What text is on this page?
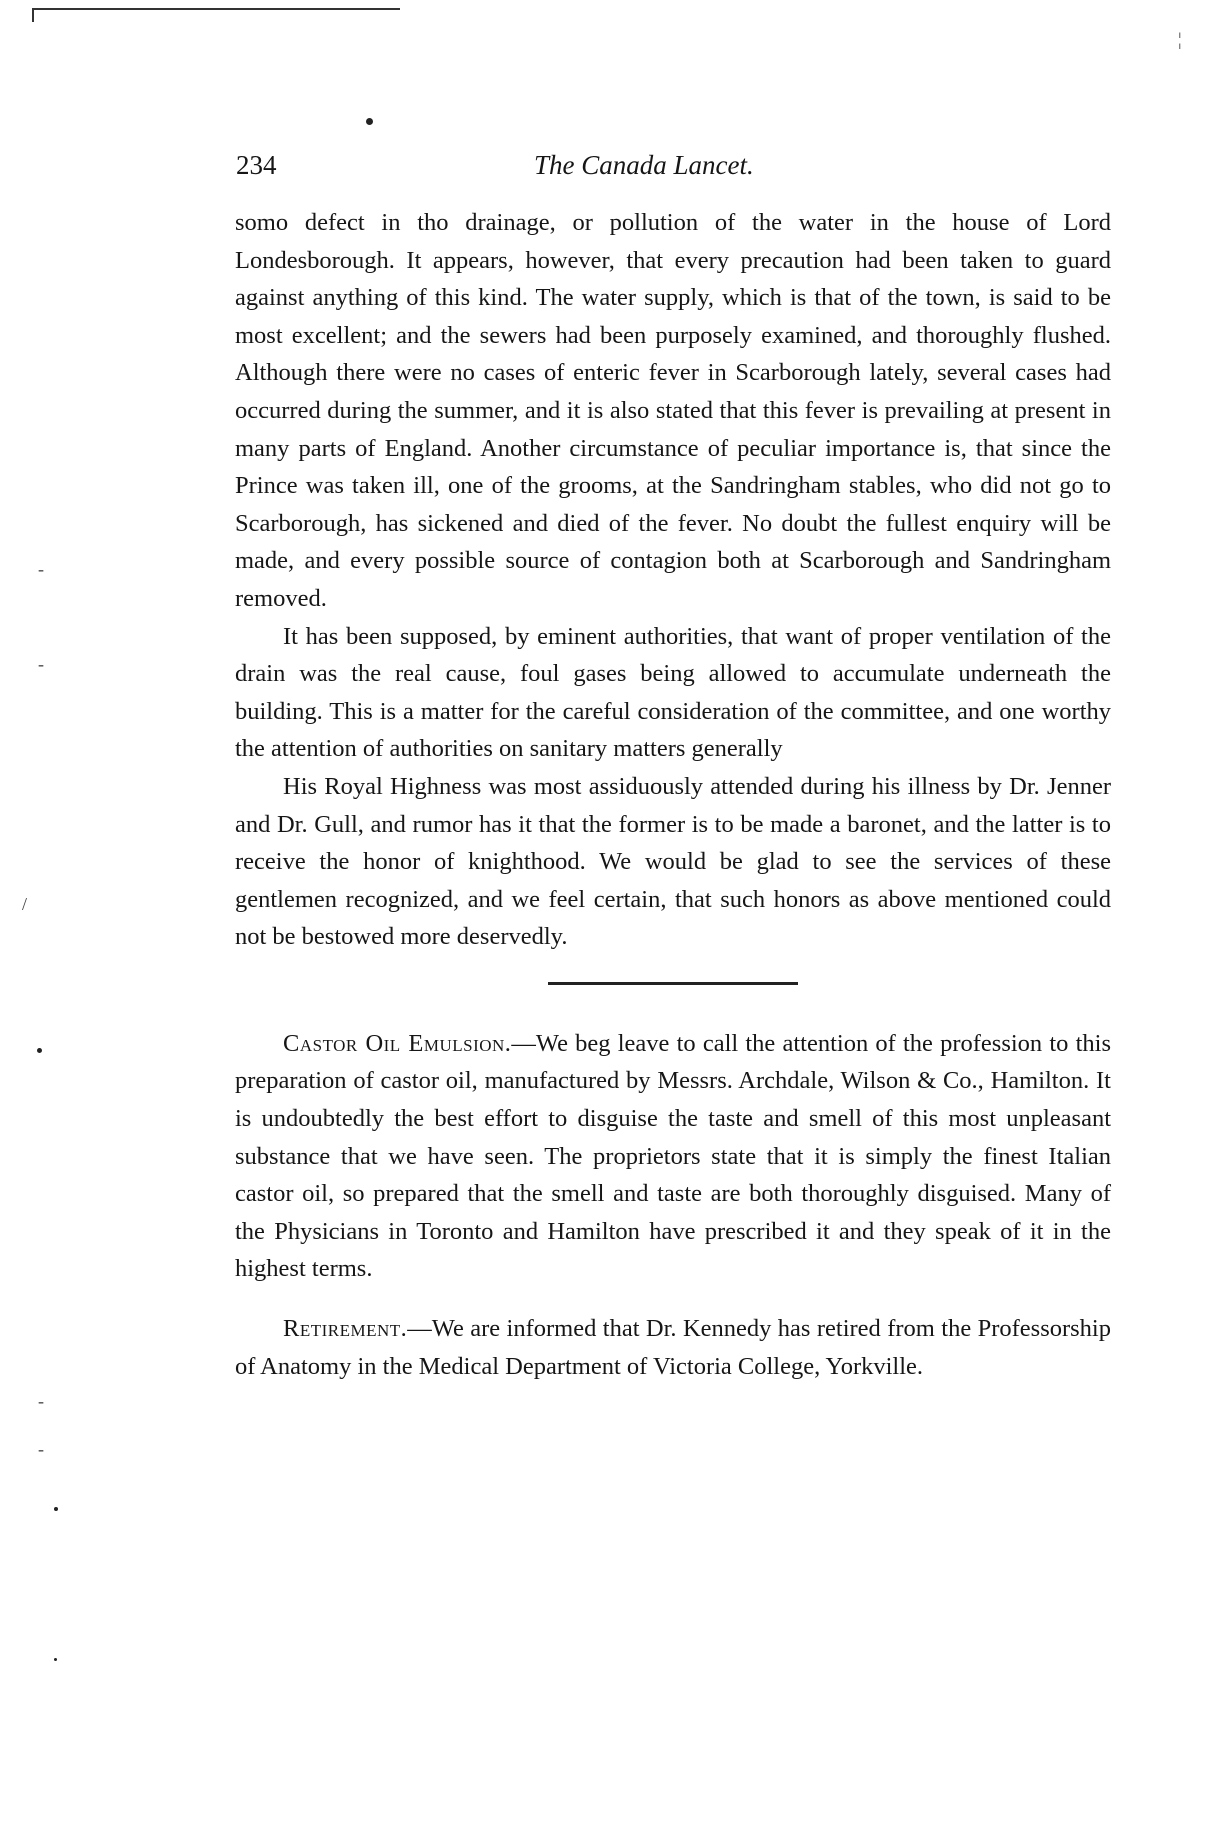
-
-
/
-
-
¦
234	The Canada Lancet.

somo defect in tho drainage, or pollution of the water in the house of Lord Londesborough. It appears, however, that every precaution had been taken to guard against anything of this kind. The water supply, which is that of the town, is said to be most excellent; and the sewers had been purposely examined, and thoroughly flushed. Although there were no cases of enteric fever in Scarborough lately, several cases had occurred during the summer, and it is also stated that this fever is prevailing at present in many parts of England. Another circumstance of peculiar importance is, that since the Prince was taken ill, one of the grooms, at the Sandringham stables, who did not go to Scarborough, has sickened and died of the fever. No doubt the fullest enquiry will be made, and every possible source of contagion both at Scarborough and Sandringham removed.

It has been supposed, by eminent authorities, that want of proper ventilation of the drain was the real cause, foul gases being allowed to accumulate underneath the building. This is a matter for the careful consideration of the committee, and one worthy the attention of authorities on sanitary matters generally

His Royal Highness was most assiduously attended during his illness by Dr. Jenner and Dr. Gull, and rumor has it that the former is to be made a baronet, and the latter is to receive the honor of knighthood. We would be glad to see the services of these gentlemen recognized, and we feel certain, that such honors as above mentioned could not be bestowed more deservedly.

Castor Oil Emulsion.—We beg leave to call the attention of the profession to this preparation of castor oil, manufactured by Messrs. Archdale, Wilson & Co., Hamilton. It is undoubtedly the best effort to disguise the taste and smell of this most unpleasant substance that we have seen. The proprietors state that it is simply the finest Italian castor oil, so prepared that the smell and taste are both thoroughly disguised. Many of the Physicians in Toronto and Hamilton have prescribed it and they speak of it in the highest terms.

Retirement.—We are informed that Dr. Kennedy has retired from the Professorship of Anatomy in the Medical Department of Victoria College, Yorkville.
